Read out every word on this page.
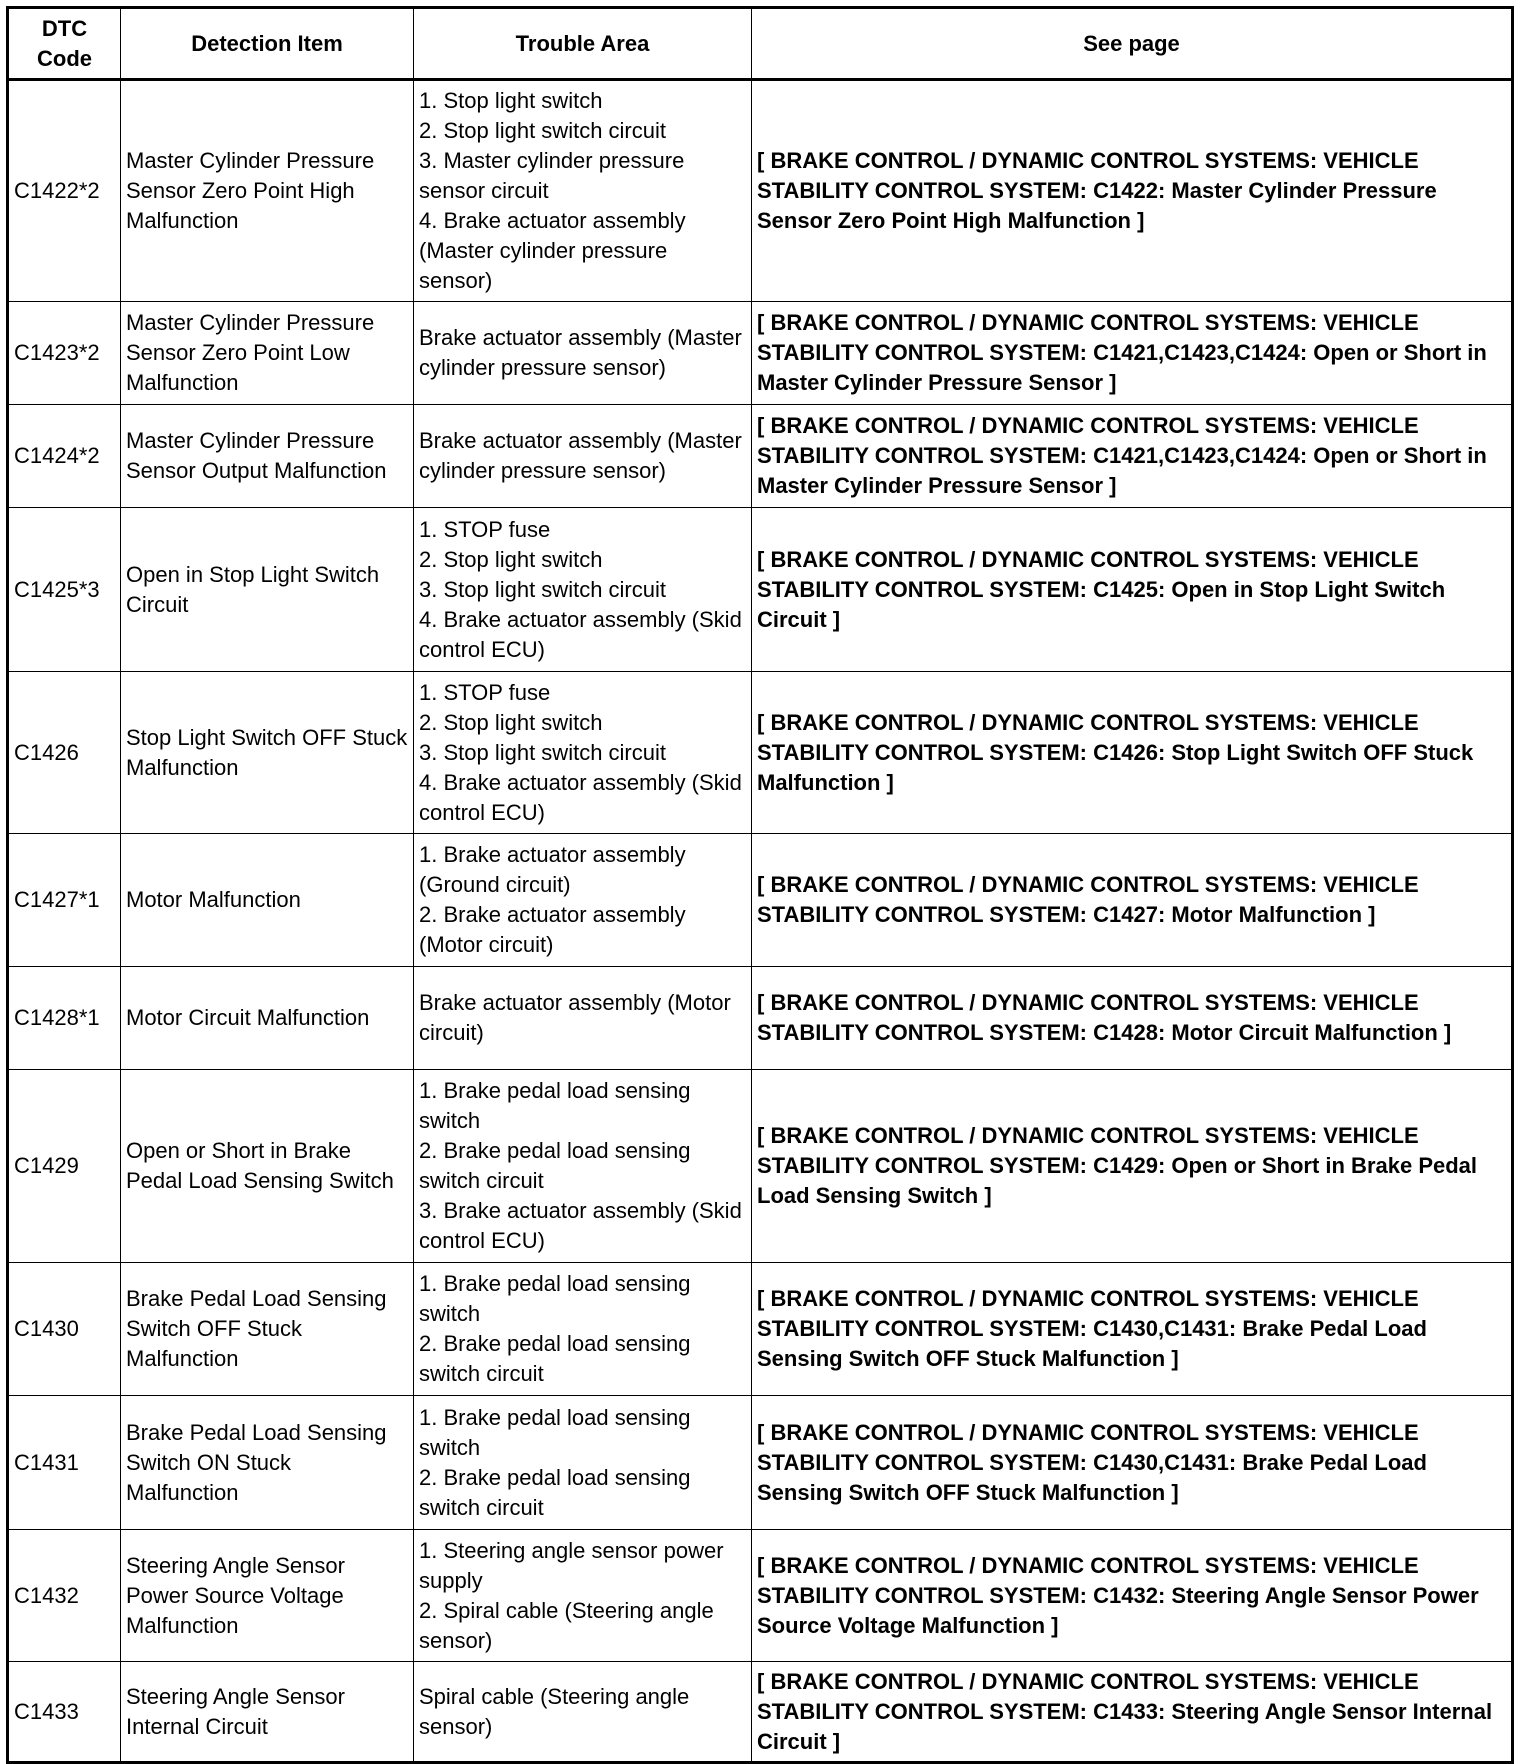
DTC Code	Detection Item	Trouble Area	See page
C1422*2	Master Cylinder Pressure Sensor Zero Point High Malfunction	1. Stop light switch
2. Stop light switch circuit
3. Master cylinder pressure sensor circuit
4. Brake actuator assembly (Master cylinder pressure sensor)	[ BRAKE CONTROL / DYNAMIC CONTROL SYSTEMS: VEHICLE STABILITY CONTROL SYSTEM: C1422: Master Cylinder Pressure Sensor Zero Point High Malfunction ]
C1423*2	Master Cylinder Pressure Sensor Zero Point Low Malfunction	Brake actuator assembly (Master cylinder pressure sensor)	[ BRAKE CONTROL / DYNAMIC CONTROL SYSTEMS: VEHICLE STABILITY CONTROL SYSTEM: C1421,C1423,C1424: Open or Short in Master Cylinder Pressure Sensor ]
C1424*2	Master Cylinder Pressure Sensor Output Malfunction	Brake actuator assembly (Master cylinder pressure sensor)	[ BRAKE CONTROL / DYNAMIC CONTROL SYSTEMS: VEHICLE STABILITY CONTROL SYSTEM: C1421,C1423,C1424: Open or Short in Master Cylinder Pressure Sensor ]
C1425*3	Open in Stop Light Switch Circuit	1. STOP fuse
2. Stop light switch
3. Stop light switch circuit
4. Brake actuator assembly (Skid control ECU)	[ BRAKE CONTROL / DYNAMIC CONTROL SYSTEMS: VEHICLE STABILITY CONTROL SYSTEM: C1425: Open in Stop Light Switch Circuit ]
C1426	Stop Light Switch OFF Stuck Malfunction	1. STOP fuse
2. Stop light switch
3. Stop light switch circuit
4. Brake actuator assembly (Skid control ECU)	[ BRAKE CONTROL / DYNAMIC CONTROL SYSTEMS: VEHICLE STABILITY CONTROL SYSTEM: C1426: Stop Light Switch OFF Stuck Malfunction ]
C1427*1	Motor Malfunction	1. Brake actuator assembly (Ground circuit)
2. Brake actuator assembly (Motor circuit)	[ BRAKE CONTROL / DYNAMIC CONTROL SYSTEMS: VEHICLE STABILITY CONTROL SYSTEM: C1427: Motor Malfunction ]
C1428*1	Motor Circuit Malfunction	Brake actuator assembly (Motor circuit)	[ BRAKE CONTROL / DYNAMIC CONTROL SYSTEMS: VEHICLE STABILITY CONTROL SYSTEM: C1428: Motor Circuit Malfunction ]
C1429	Open or Short in Brake Pedal Load Sensing Switch	1. Brake pedal load sensing switch
2. Brake pedal load sensing switch circuit
3. Brake actuator assembly (Skid control ECU)	[ BRAKE CONTROL / DYNAMIC CONTROL SYSTEMS: VEHICLE STABILITY CONTROL SYSTEM: C1429: Open or Short in Brake Pedal Load Sensing Switch ]
C1430	Brake Pedal Load Sensing Switch OFF Stuck Malfunction	1. Brake pedal load sensing switch
2. Brake pedal load sensing switch circuit	[ BRAKE CONTROL / DYNAMIC CONTROL SYSTEMS: VEHICLE STABILITY CONTROL SYSTEM: C1430,C1431: Brake Pedal Load Sensing Switch OFF Stuck Malfunction ]
C1431	Brake Pedal Load Sensing Switch ON Stuck Malfunction	1. Brake pedal load sensing switch
2. Brake pedal load sensing switch circuit	[ BRAKE CONTROL / DYNAMIC CONTROL SYSTEMS: VEHICLE STABILITY CONTROL SYSTEM: C1430,C1431: Brake Pedal Load Sensing Switch OFF Stuck Malfunction ]
C1432	Steering Angle Sensor Power Source Voltage Malfunction	1. Steering angle sensor power supply
2. Spiral cable (Steering angle sensor)	[ BRAKE CONTROL / DYNAMIC CONTROL SYSTEMS: VEHICLE STABILITY CONTROL SYSTEM: C1432: Steering Angle Sensor Power Source Voltage Malfunction ]
C1433	Steering Angle Sensor Internal Circuit	Spiral cable (Steering angle sensor)	[ BRAKE CONTROL / DYNAMIC CONTROL SYSTEMS: VEHICLE STABILITY CONTROL SYSTEM: C1433: Steering Angle Sensor Internal Circuit ]
